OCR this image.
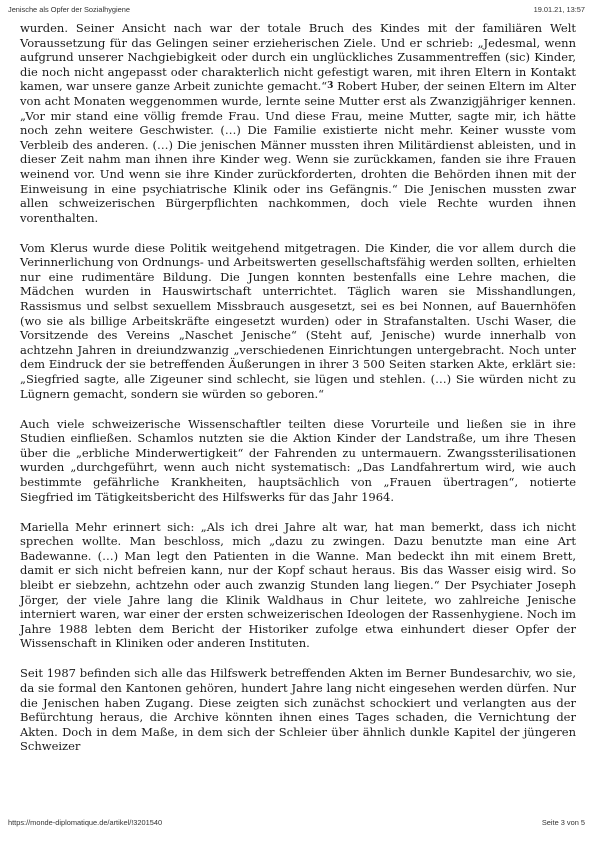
Jenische als Opfer der Sozialhygiene	19.01.21, 13:57

wurden. Seiner Ansicht nach war der totale Bruch des Kindes mit der familiären Welt Voraussetzung für das Gelingen seiner erzieherischen Ziele. Und er schrieb: „Jedesmal, wenn aufgrund unserer Nachgiebigkeit oder durch ein unglückliches Zusammentreffen (sic) Kinder, die noch nicht angepasst oder charakterlich nicht gefestigt waren, mit ihren Eltern in Kontakt kamen, war unsere ganze Arbeit zunichte gemacht.“3 Robert Huber, der seinen Eltern im Alter von acht Monaten weggenommen wurde, lernte seine Mutter erst als Zwanzigjähriger kennen. „Vor mir stand eine völlig fremde Frau. Und diese Frau, meine Mutter, sagte mir, ich hätte noch zehn weitere Geschwister. (…) Die Familie existierte nicht mehr. Keiner wusste vom Verbleib des anderen. (…) Die jenischen Männer mussten ihren Militärdienst ableisten, und in dieser Zeit nahm man ihnen ihre Kinder weg. Wenn sie zurückkamen, fanden sie ihre Frauen weinend vor. Und wenn sie ihre Kinder zurückforderten, drohten die Behörden ihnen mit der Einweisung in eine psychiatrische Klinik oder ins Gefängnis.“ Die Jenischen mussten zwar allen schweizerischen Bürgerpflichten nachkommen, doch viele Rechte wurden ihnen vorenthalten.

Vom Klerus wurde diese Politik weitgehend mitgetragen. Die Kinder, die vor allem durch die Verinnerlichung von Ordnungs- und Arbeitswerten gesellschaftsfähig werden sollten, erhielten nur eine rudimentäre Bildung. Die Jungen konnten bestenfalls eine Lehre machen, die Mädchen wurden in Hauswirtschaft unterrichtet. Täglich waren sie Misshandlungen, Rassismus und selbst sexuellem Missbrauch ausgesetzt, sei es bei Nonnen, auf Bauernhöfen (wo sie als billige Arbeitskräfte eingesetzt wurden) oder in Strafanstalten. Uschi Waser, die Vorsitzende des Vereins „Naschet Jenische“ (Steht auf, Jenische) wurde innerhalb von achtzehn Jahren in dreiundzwanzig „verschiedenen Einrichtungen untergebracht. Noch unter dem Eindruck der sie betreffenden Äußerungen in ihrer 3 500 Seiten starken Akte, erklärt sie: „Siegfried sagte, alle Zigeuner sind schlecht, sie lügen und stehlen. (…) Sie würden nicht zu Lügnern gemacht, sondern sie würden so geboren.“

Auch viele schweizerische Wissenschaftler teilten diese Vorurteile und ließen sie in ihre Studien einfließen. Schamlos nutzten sie die Aktion Kinder der Landstraße, um ihre Thesen über die „erbliche Minderwertigkeit“ der Fahrenden zu untermauern. Zwangssterilisationen wurden „durchgeführt, wenn auch nicht systematisch: „Das Landfahrertum wird, wie auch bestimmte gefährliche Krankheiten, hauptsächlich von „Frauen übertragen“, notierte Siegfried im Tätigkeitsbericht des Hilfswerks für das Jahr 1964.

Mariella Mehr erinnert sich: „Als ich drei Jahre alt war, hat man bemerkt, dass ich nicht sprechen wollte. Man beschloss, mich „dazu zu zwingen. Dazu benutzte man eine Art Badewanne. (…) Man legt den Patienten in die Wanne. Man bedeckt ihn mit einem Brett, damit er sich nicht befreien kann, nur der Kopf schaut heraus. Bis das Wasser eisig wird. So bleibt er siebzehn, achtzehn oder auch zwanzig Stunden lang liegen.“ Der Psychiater Joseph Jörger, der viele Jahre lang die Klinik Waldhaus in Chur leitete, wo zahlreiche Jenische interniert waren, war einer der ersten schweizerischen Ideologen der Rassenhygiene. Noch im Jahre 1988 lebten dem Bericht der Historiker zufolge etwa einhundert dieser Opfer der Wissenschaft in Kliniken oder anderen Instituten.

Seit 1987 befinden sich alle das Hilfswerk betreffenden Akten im Berner Bundesarchiv, wo sie, da sie formal den Kantonen gehören, hundert Jahre lang nicht eingesehen werden dürfen. Nur die Jenischen haben Zugang. Diese zeigten sich zunächst schockiert und verlangten aus der Befürchtung heraus, die Archive könnten ihnen eines Tages schaden, die Vernichtung der Akten. Doch in dem Maße, in dem sich der Schleier über ähnlich dunkle Kapitel der jüngeren Schweizer

https://monde-diplomatique.de/artikel/!3201540	Seite 3 von 5
